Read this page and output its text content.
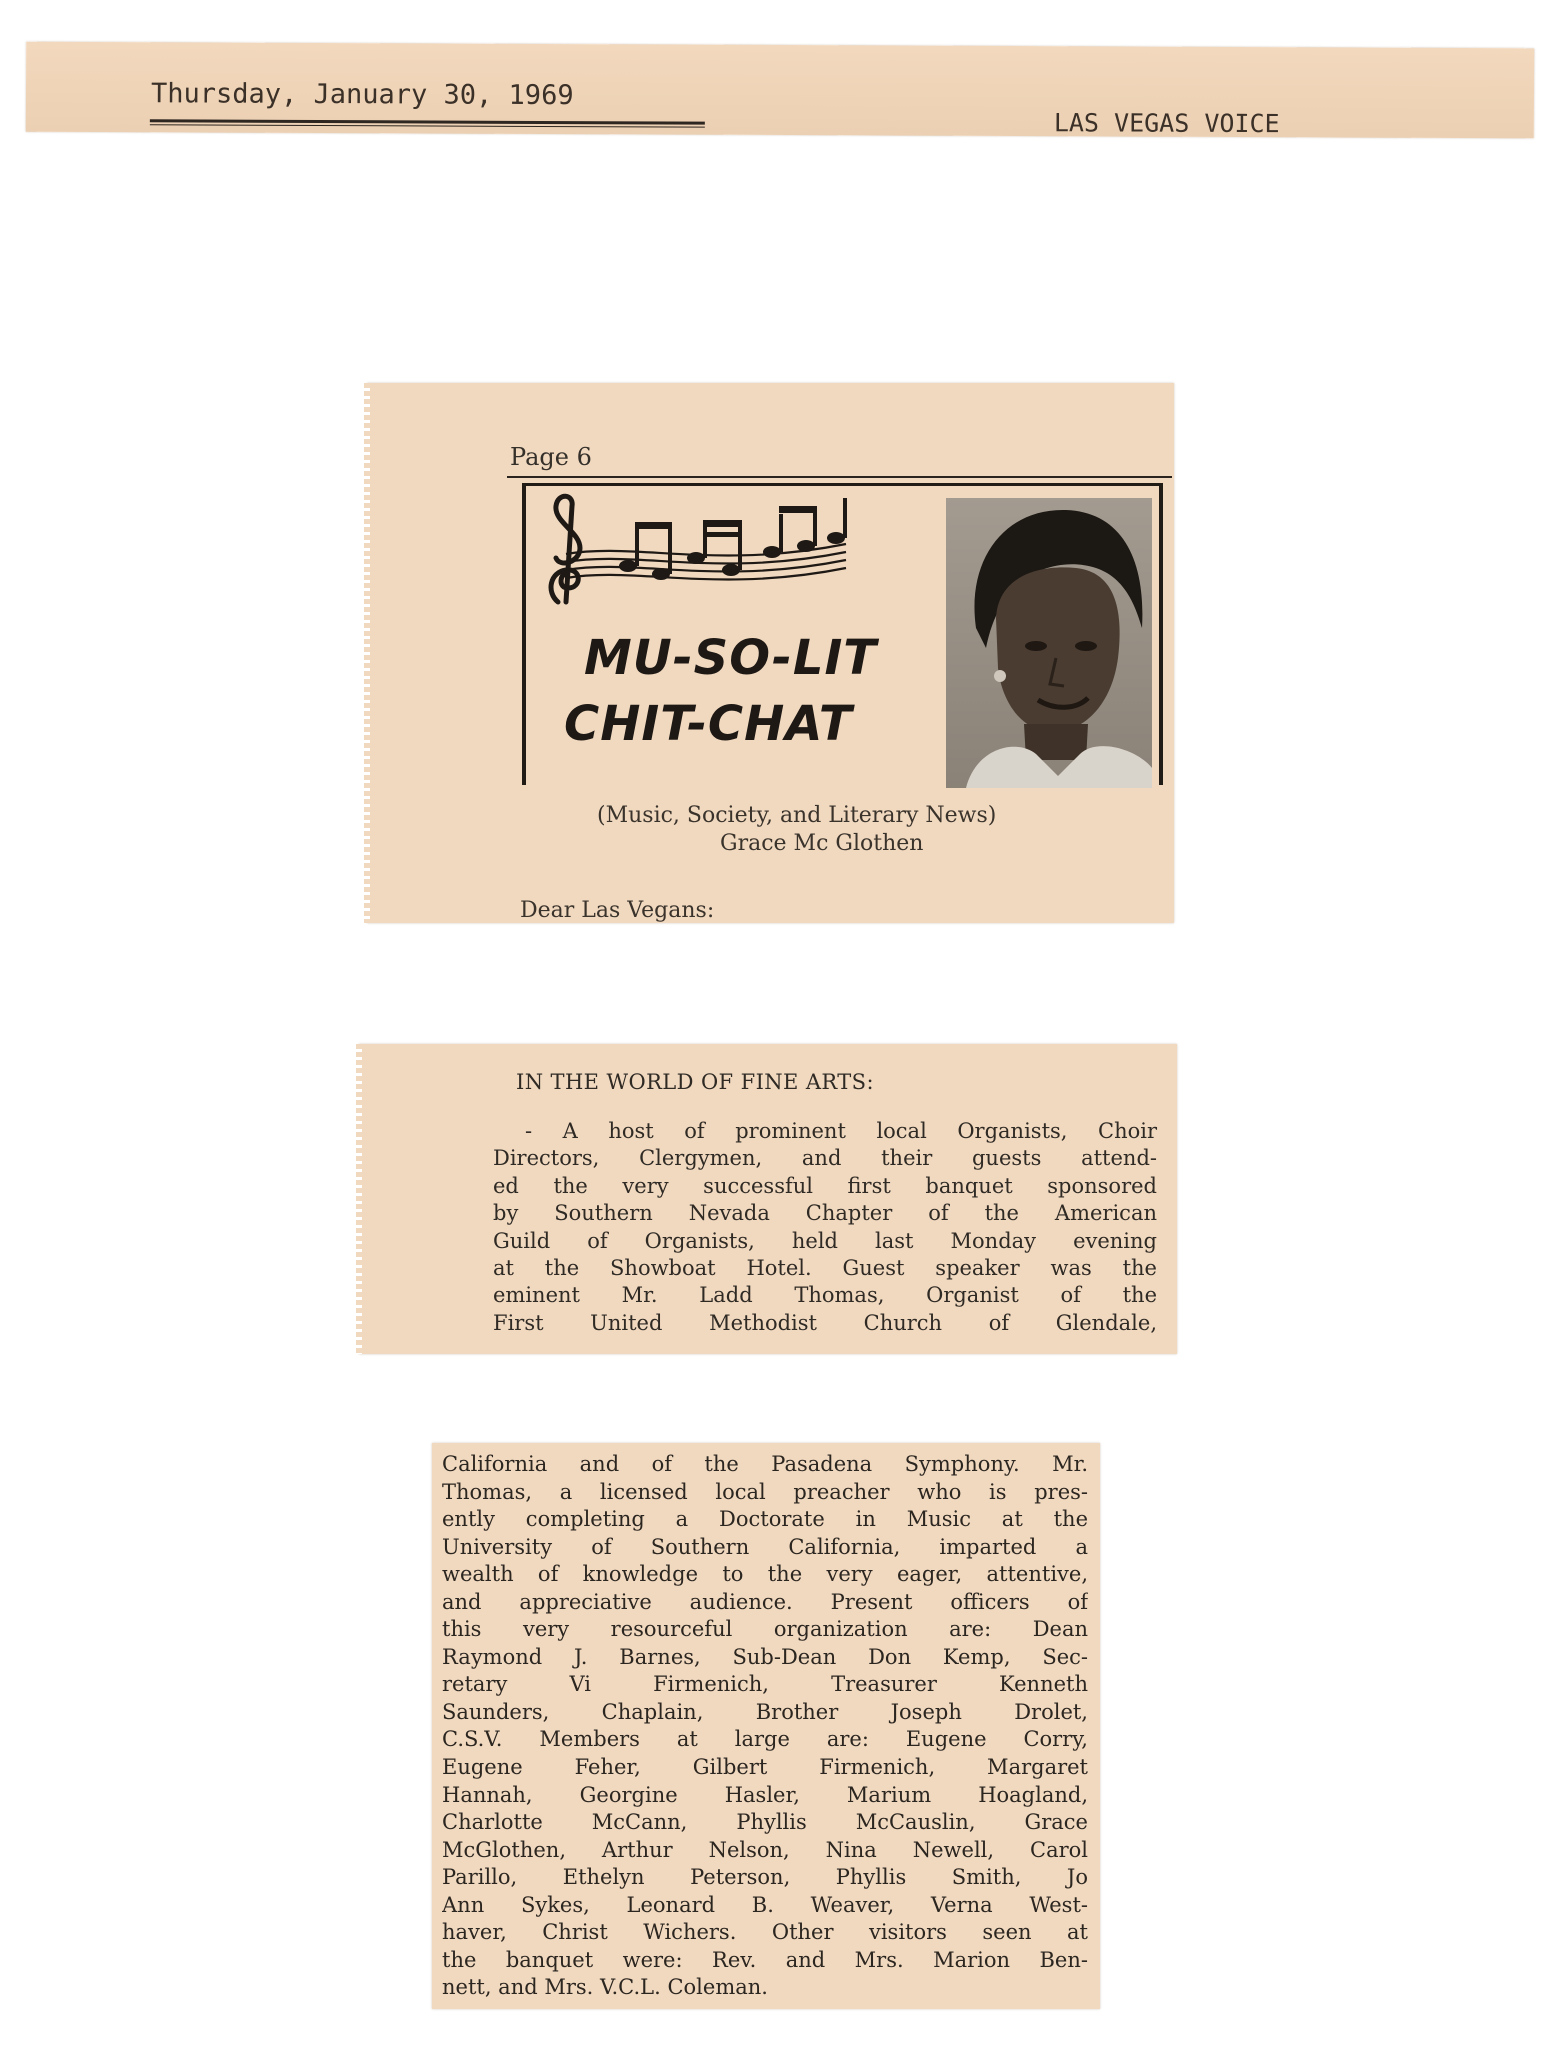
Thursday, January 30, 1969
LAS VEGAS VOICE
Page 6
MU-SO-LIT
CHIT-CHAT
(Music, Society, and Literary News)
Grace Mc Glothen
Dear Las Vegans:
IN THE WORLD OF FINE ARTS:
- A host of prominent local Organists, Choir
Directors, Clergymen, and their guests attend-
ed the very successful first banquet sponsored
by Southern Nevada Chapter of the American
Guild of Organists, held last Monday evening
at the Showboat Hotel. Guest speaker was the
eminent Mr. Ladd Thomas, Organist of the
First United Methodist Church of Glendale,
California and of the Pasadena Symphony. Mr.
Thomas, a licensed local preacher who is pres-
ently completing a Doctorate in Music at the
University of Southern California, imparted a
wealth of knowledge to the very eager, attentive,
and appreciative audience. Present officers of
this very resourceful organization are: Dean
Raymond J. Barnes, Sub-Dean Don Kemp, Sec-
retary Vi Firmenich, Treasurer Kenneth
Saunders, Chaplain, Brother Joseph Drolet,
C.S.V. Members at large are: Eugene Corry,
Eugene Feher, Gilbert Firmenich, Margaret
Hannah, Georgine Hasler, Marium Hoagland,
Charlotte McCann, Phyllis McCauslin, Grace
McGlothen, Arthur Nelson, Nina Newell, Carol
Parillo, Ethelyn Peterson, Phyllis Smith, Jo
Ann Sykes, Leonard B. Weaver, Verna West-
haver, Christ Wichers. Other visitors seen at
the banquet were: Rev. and Mrs. Marion Ben-
nett, and Mrs. V.C.L. Coleman.
